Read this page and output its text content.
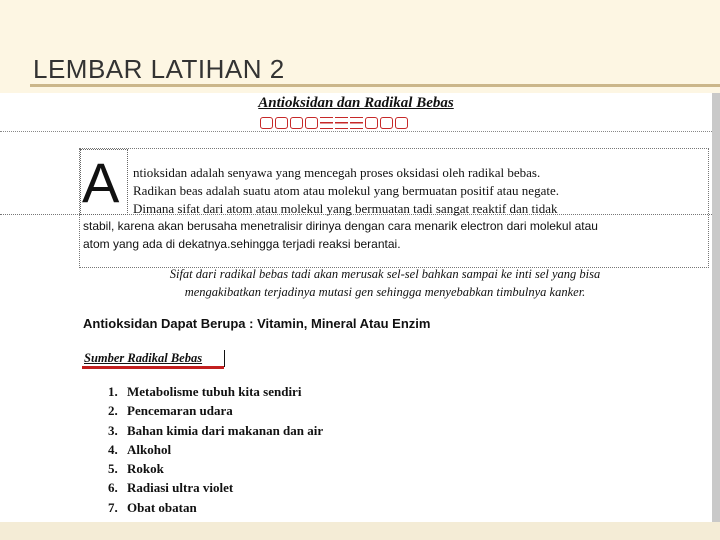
LEMBAR LATIHAN 2
Antioksidan dan Radikal Bebas
A ntioksidan adalah senyawa yang mencegah proses oksidasi oleh radikal bebas.
Radikan beas adalah suatu atom atau molekul yang bermuatan positif atau negate.
Dimana sifat dari atom atau molekul yang bermuatan tadi sangat reaktif dan tidak
stabil, karena akan berusaha menetralisir dirinya dengan cara menarik electron dari molekul atau
atom yang ada di dekatnya.sehingga terjadi reaksi berantai.
Sifat dari radikal bebas tadi akan merusak sel-sel bahkan sampai ke inti sel yang bisa
mengakibatkan terjadinya mutasi gen sehingga menyebabkan timbulnya kanker.
Antioksidan Dapat Berupa : Vitamin, Mineral Atau Enzim
Sumber Radikal Bebas
1. Metabolisme tubuh kita sendiri
2. Pencemaran udara
3. Bahan kimia dari makanan dan air
4. Alkohol
5. Rokok
6. Radiasi ultra violet
7. Obat obatan
